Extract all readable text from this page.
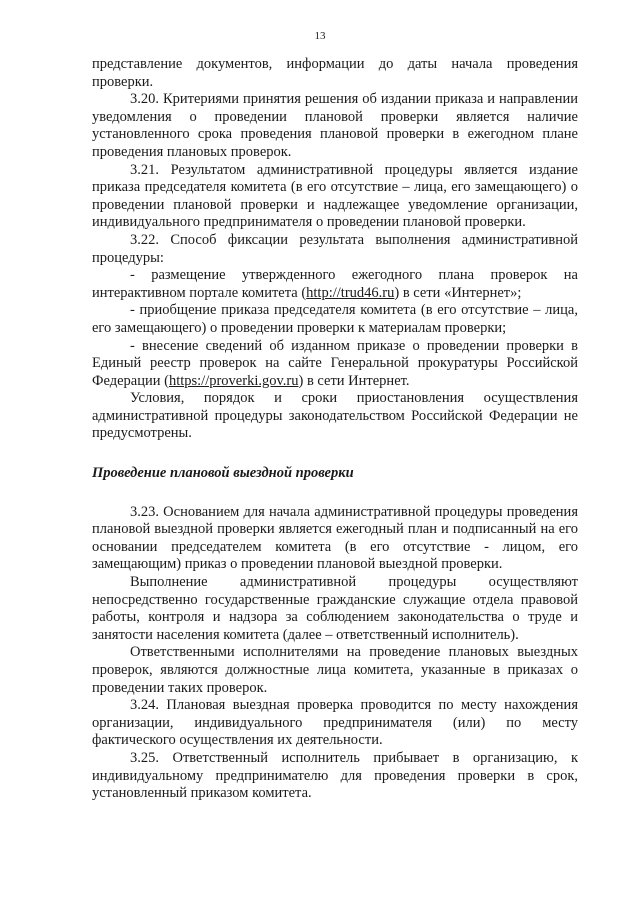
13

представление документов, информации до даты начала проведения проверки.

3.20. Критериями принятия решения об издании приказа и направлении уведомления о проведении плановой проверки является наличие установленного срока проведения плановой проверки в ежегодном плане проведения плановых проверок.

3.21. Результатом административной процедуры является издание приказа председателя комитета (в его отсутствие – лица, его замещающего) о проведении плановой проверки и надлежащее уведомление организации, индивидуального предпринимателя о проведении плановой проверки.

3.22. Способ фиксации результата выполнения административной процедуры:

- размещение утвержденного ежегодного плана проверок на интерактивном портале комитета (http://trud46.ru) в сети «Интернет»;

- приобщение приказа председателя комитета (в его отсутствие – лица, его замещающего) о проведении проверки к материалам проверки;

- внесение сведений об изданном приказе о проведении проверки в Единый реестр проверок на сайте Генеральной прокуратуры Российской Федерации (https://proverki.gov.ru) в сети Интернет.

Условия, порядок и сроки приостановления осуществления административной процедуры законодательством Российской Федерации не предусмотрены.

Проведение плановой выездной проверки

3.23. Основанием для начала административной процедуры проведения плановой выездной проверки является ежегодный план и подписанный на его основании председателем комитета (в его отсутствие - лицом, его замещающим) приказ о проведении плановой выездной проверки.

Выполнение административной процедуры осуществляют непосредственно государственные гражданские служащие отдела правовой работы, контроля и надзора за соблюдением законодательства о труде и занятости населения комитета (далее – ответственный исполнитель).

Ответственными исполнителями на проведение плановых выездных проверок, являются должностные лица комитета, указанные в приказах о проведении таких проверок.

3.24. Плановая выездная проверка проводится по месту нахождения организации, индивидуального предпринимателя (или) по месту фактического осуществления их деятельности.

3.25. Ответственный исполнитель прибывает в организацию, к индивидуальному предпринимателю для проведения проверки в срок, установленный приказом комитета.
